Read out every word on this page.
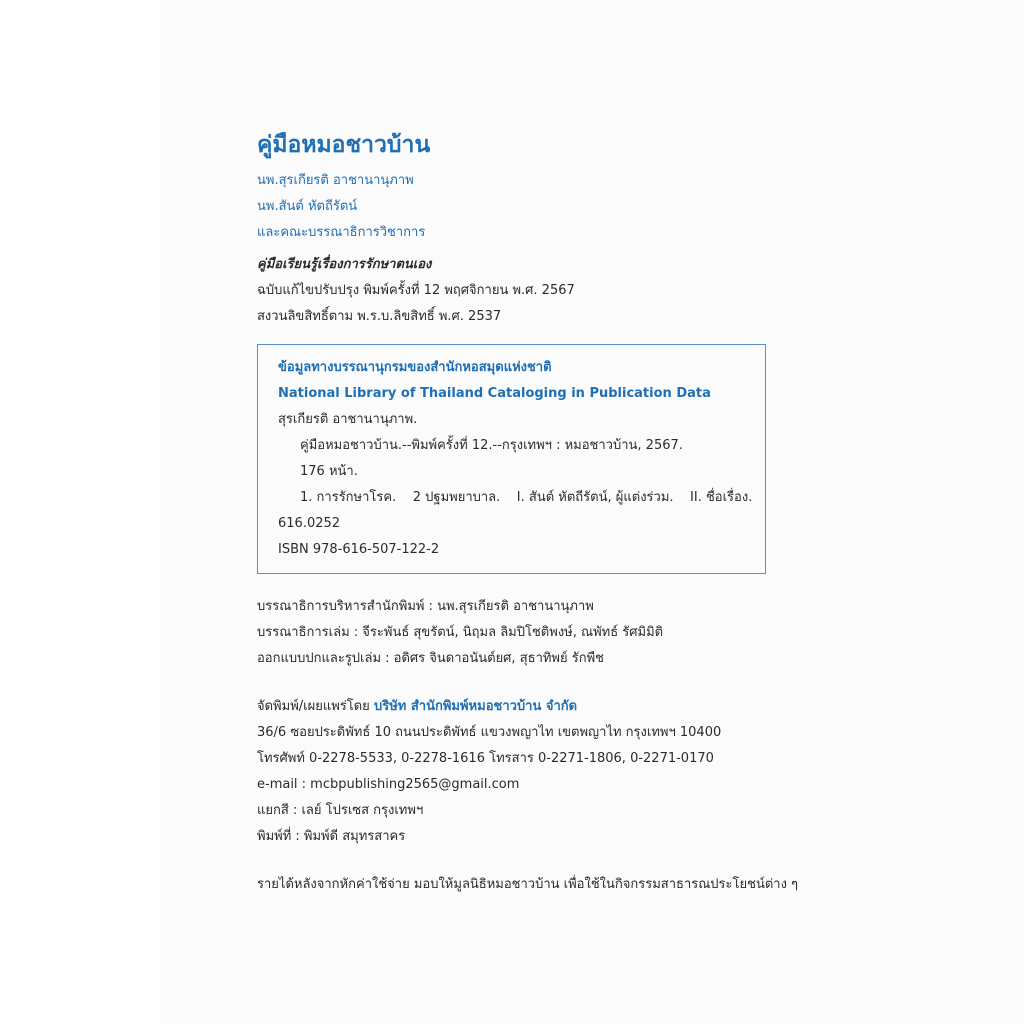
คู่มือหมอชาวบ้าน
นพ.สุรเกียรติ อาชานานุภาพ
นพ.สันต์ หัตถีรัตน์
และคณะบรรณาธิการวิชาการ
คู่มือเรียนรู้เรื่องการรักษาตนเอง
ฉบับแก้ไขปรับปรุง พิมพ์ครั้งที่ 12 พฤศจิกายน พ.ศ. 2567
สงวนลิขสิทธิ์ตาม พ.ร.บ.ลิขสิทธิ์ พ.ศ. 2537
ข้อมูลทางบรรณานุกรมของสำนักหอสมุดแห่งชาติ
National Library of Thailand Cataloging in Publication Data
สุรเกียรติ อาชานานุภาพ.
คู่มือหมอชาวบ้าน.--พิมพ์ครั้งที่ 12.--กรุงเทพฯ : หมอชาวบ้าน, 2567.
176 หน้า.
1. การรักษาโรค.    2 ปฐมพยาบาล.    I. สันต์ หัตถีรัตน์, ผู้แต่งร่วม.    II. ชื่อเรื่อง.
616.0252
ISBN 978-616-507-122-2
บรรณาธิการบริหารสำนักพิมพ์ : นพ.สุรเกียรติ อาชานานุภาพ
บรรณาธิการเล่ม : จีระพันธ์ สุขรัตน์, นิฤมล ลิมปิโชติพงษ์, ณพัทธ์ รัศมิมิติ
ออกแบบปกและรูปเล่ม : อดิศร จินดาอนันต์ยศ, สุธาทิพย์ รักพืช
จัดพิมพ์/เผยแพร่โดย บริษัท สำนักพิมพ์หมอชาวบ้าน จำกัด
36/6 ซอยประดิพัทธ์ 10 ถนนประดิพัทธ์ แขวงพญาไท เขตพญาไท กรุงเทพฯ 10400
โทรศัพท์ 0-2278-5533, 0-2278-1616 โทรสาร 0-2271-1806, 0-2271-0170
e-mail : mcbpublishing2565@gmail.com
แยกสี : เลย์ โปรเซส กรุงเทพฯ
พิมพ์ที่ : พิมพ์ดี สมุทรสาคร
รายได้หลังจากหักค่าใช้จ่าย มอบให้มูลนิธิหมอชาวบ้าน เพื่อใช้ในกิจกรรมสาธารณประโยชน์ต่าง ๆ
